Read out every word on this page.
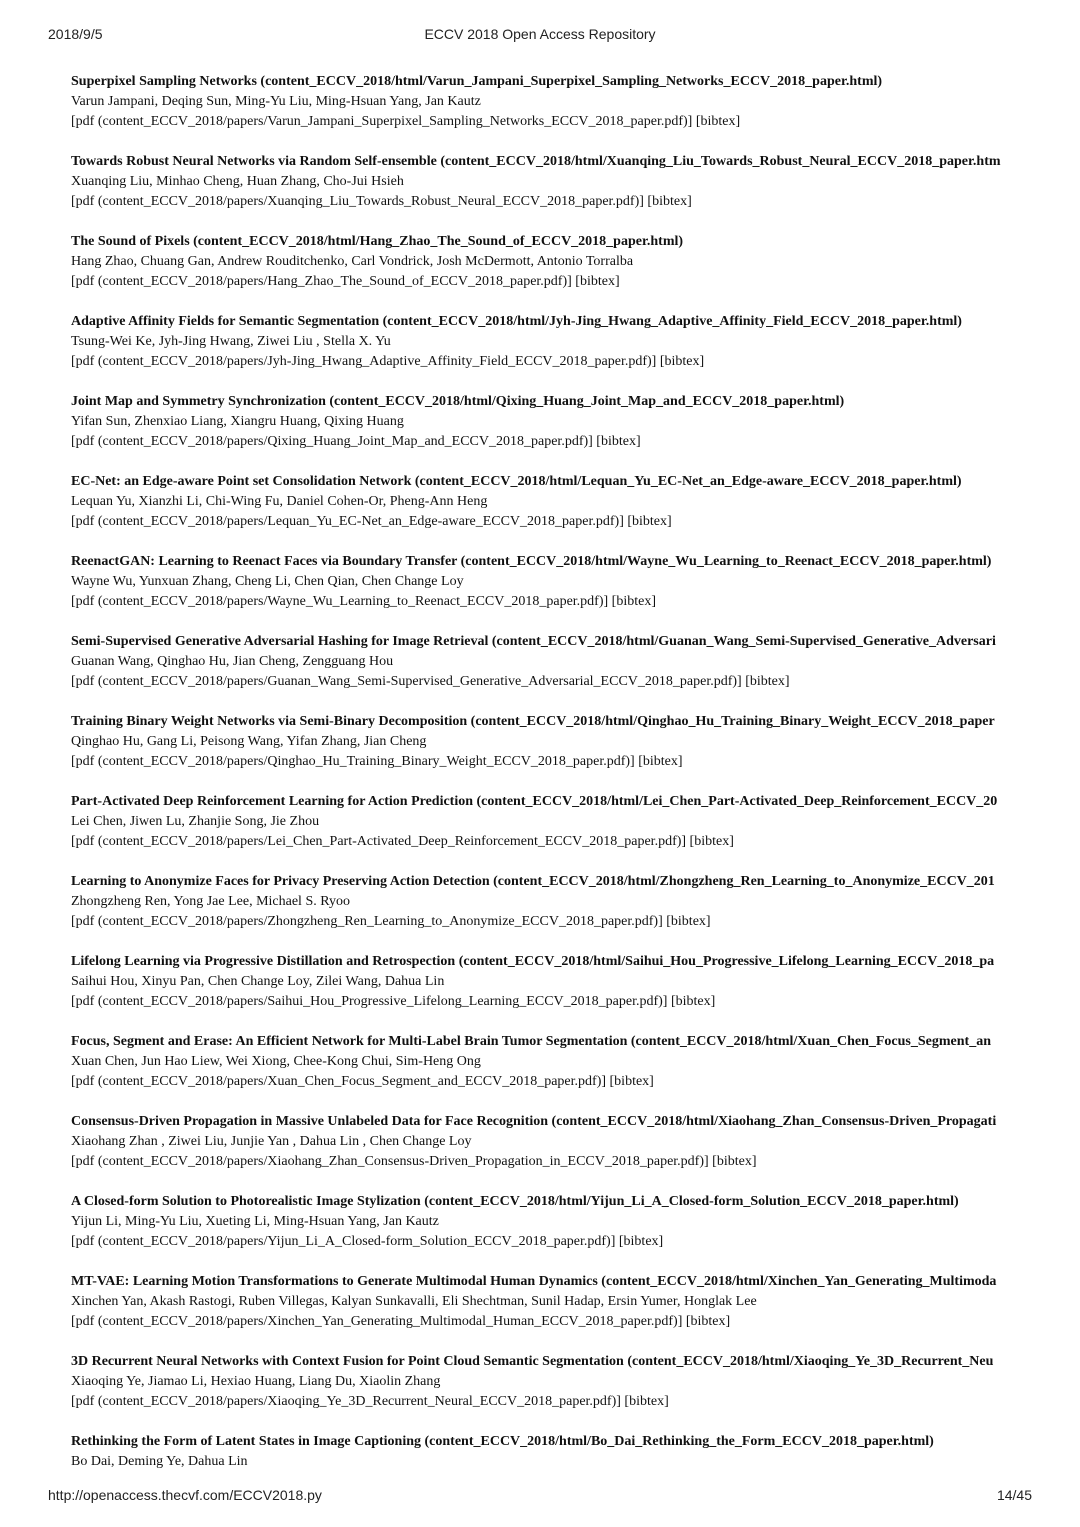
2018/9/5	ECCV 2018 Open Access Repository
Superpixel Sampling Networks (content_ECCV_2018/html/Varun_Jampani_Superpixel_Sampling_Networks_ECCV_2018_paper.html)
Varun Jampani, Deqing Sun, Ming-Yu Liu, Ming-Hsuan Yang, Jan Kautz
[pdf (content_ECCV_2018/papers/Varun_Jampani_Superpixel_Sampling_Networks_ECCV_2018_paper.pdf)] [bibtex]
Towards Robust Neural Networks via Random Self-ensemble (content_ECCV_2018/html/Xuanqing_Liu_Towards_Robust_Neural_ECCV_2018_paper.htm
Xuanqing Liu, Minhao Cheng, Huan Zhang, Cho-Jui Hsieh
[pdf (content_ECCV_2018/papers/Xuanqing_Liu_Towards_Robust_Neural_ECCV_2018_paper.pdf)] [bibtex]
The Sound of Pixels (content_ECCV_2018/html/Hang_Zhao_The_Sound_of_ECCV_2018_paper.html)
Hang Zhao, Chuang Gan, Andrew Rouditchenko, Carl Vondrick, Josh McDermott, Antonio Torralba
[pdf (content_ECCV_2018/papers/Hang_Zhao_The_Sound_of_ECCV_2018_paper.pdf)] [bibtex]
Adaptive Affinity Fields for Semantic Segmentation (content_ECCV_2018/html/Jyh-Jing_Hwang_Adaptive_Affinity_Field_ECCV_2018_paper.html)
Tsung-Wei Ke, Jyh-Jing Hwang, Ziwei Liu , Stella X. Yu
[pdf (content_ECCV_2018/papers/Jyh-Jing_Hwang_Adaptive_Affinity_Field_ECCV_2018_paper.pdf)] [bibtex]
Joint Map and Symmetry Synchronization (content_ECCV_2018/html/Qixing_Huang_Joint_Map_and_ECCV_2018_paper.html)
Yifan Sun, Zhenxiao Liang, Xiangru Huang, Qixing Huang
[pdf (content_ECCV_2018/papers/Qixing_Huang_Joint_Map_and_ECCV_2018_paper.pdf)] [bibtex]
EC-Net: an Edge-aware Point set Consolidation Network (content_ECCV_2018/html/Lequan_Yu_EC-Net_an_Edge-aware_ECCV_2018_paper.html)
Lequan Yu, Xianzhi Li, Chi-Wing Fu, Daniel Cohen-Or, Pheng-Ann Heng
[pdf (content_ECCV_2018/papers/Lequan_Yu_EC-Net_an_Edge-aware_ECCV_2018_paper.pdf)] [bibtex]
ReenactGAN: Learning to Reenact Faces via Boundary Transfer (content_ECCV_2018/html/Wayne_Wu_Learning_to_Reenact_ECCV_2018_paper.html)
Wayne Wu, Yunxuan Zhang, Cheng Li, Chen Qian, Chen Change Loy
[pdf (content_ECCV_2018/papers/Wayne_Wu_Learning_to_Reenact_ECCV_2018_paper.pdf)] [bibtex]
Semi-Supervised Generative Adversarial Hashing for Image Retrieval (content_ECCV_2018/html/Guanan_Wang_Semi-Supervised_Generative_Adversari
Guanan Wang, Qinghao Hu, Jian Cheng, Zengguang Hou
[pdf (content_ECCV_2018/papers/Guanan_Wang_Semi-Supervised_Generative_Adversarial_ECCV_2018_paper.pdf)] [bibtex]
Training Binary Weight Networks via Semi-Binary Decomposition (content_ECCV_2018/html/Qinghao_Hu_Training_Binary_Weight_ECCV_2018_paper
Qinghao Hu, Gang Li, Peisong Wang, Yifan Zhang, Jian Cheng
[pdf (content_ECCV_2018/papers/Qinghao_Hu_Training_Binary_Weight_ECCV_2018_paper.pdf)] [bibtex]
Part-Activated Deep Reinforcement Learning for Action Prediction (content_ECCV_2018/html/Lei_Chen_Part-Activated_Deep_Reinforcement_ECCV_20
Lei Chen, Jiwen Lu, Zhanjie Song, Jie Zhou
[pdf (content_ECCV_2018/papers/Lei_Chen_Part-Activated_Deep_Reinforcement_ECCV_2018_paper.pdf)] [bibtex]
Learning to Anonymize Faces for Privacy Preserving Action Detection (content_ECCV_2018/html/Zhongzheng_Ren_Learning_to_Anonymize_ECCV_201
Zhongzheng Ren, Yong Jae Lee, Michael S. Ryoo
[pdf (content_ECCV_2018/papers/Zhongzheng_Ren_Learning_to_Anonymize_ECCV_2018_paper.pdf)] [bibtex]
Lifelong Learning via Progressive Distillation and Retrospection (content_ECCV_2018/html/Saihui_Hou_Progressive_Lifelong_Learning_ECCV_2018_pa
Saihui Hou, Xinyu Pan, Chen Change Loy, Zilei Wang, Dahua Lin
[pdf (content_ECCV_2018/papers/Saihui_Hou_Progressive_Lifelong_Learning_ECCV_2018_paper.pdf)] [bibtex]
Focus, Segment and Erase: An Efficient Network for Multi-Label Brain Tumor Segmentation (content_ECCV_2018/html/Xuan_Chen_Focus_Segment_an
Xuan Chen, Jun Hao Liew, Wei Xiong, Chee-Kong Chui, Sim-Heng Ong
[pdf (content_ECCV_2018/papers/Xuan_Chen_Focus_Segment_and_ECCV_2018_paper.pdf)] [bibtex]
Consensus-Driven Propagation in Massive Unlabeled Data for Face Recognition (content_ECCV_2018/html/Xiaohang_Zhan_Consensus-Driven_Propagati
Xiaohang Zhan , Ziwei Liu, Junjie Yan , Dahua Lin , Chen Change Loy
[pdf (content_ECCV_2018/papers/Xiaohang_Zhan_Consensus-Driven_Propagation_in_ECCV_2018_paper.pdf)] [bibtex]
A Closed-form Solution to Photorealistic Image Stylization (content_ECCV_2018/html/Yijun_Li_A_Closed-form_Solution_ECCV_2018_paper.html)
Yijun Li, Ming-Yu Liu, Xueting Li, Ming-Hsuan Yang, Jan Kautz
[pdf (content_ECCV_2018/papers/Yijun_Li_A_Closed-form_Solution_ECCV_2018_paper.pdf)] [bibtex]
MT-VAE: Learning Motion Transformations to Generate Multimodal Human Dynamics (content_ECCV_2018/html/Xinchen_Yan_Generating_Multimoda
Xinchen Yan, Akash Rastogi, Ruben Villegas, Kalyan Sunkavalli, Eli Shechtman, Sunil Hadap, Ersin Yumer, Honglak Lee
[pdf (content_ECCV_2018/papers/Xinchen_Yan_Generating_Multimodal_Human_ECCV_2018_paper.pdf)] [bibtex]
3D Recurrent Neural Networks with Context Fusion for Point Cloud Semantic Segmentation (content_ECCV_2018/html/Xiaoqing_Ye_3D_Recurrent_Neu
Xiaoqing Ye, Jiamao Li, Hexiao Huang, Liang Du, Xiaolin Zhang
[pdf (content_ECCV_2018/papers/Xiaoqing_Ye_3D_Recurrent_Neural_ECCV_2018_paper.pdf)] [bibtex]
Rethinking the Form of Latent States in Image Captioning (content_ECCV_2018/html/Bo_Dai_Rethinking_the_Form_ECCV_2018_paper.html)
Bo Dai, Deming Ye, Dahua Lin
http://openaccess.thecvf.com/ECCV2018.py	14/45
